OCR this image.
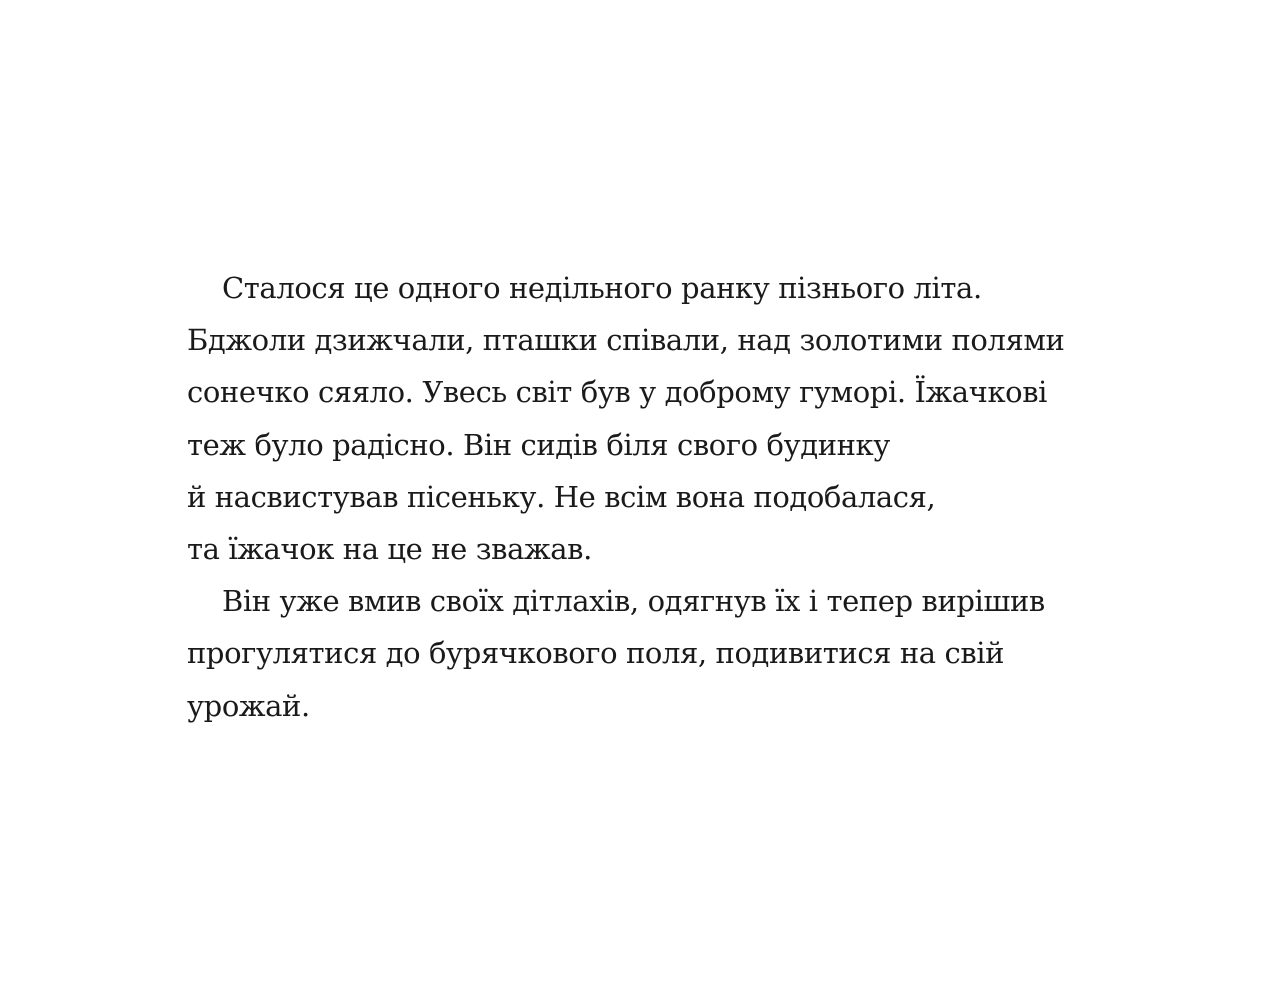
Сталося це одного недільного ранку пізнього літа.
Бджоли дзижчали, пташки співали, над золотими полями
сонечко сяяло. Увесь світ був у доброму гуморі. Їжачкові
теж було радісно. Він сидів біля свого будинку
й насвистував пісеньку. Не всім вона подобалася,
та їжачок на це не зважав.
Він уже вмив своїх дітлахів, одягнув їх і тепер вирішив
прогулятися до бурячкового поля, подивитися на свій
урожай.
